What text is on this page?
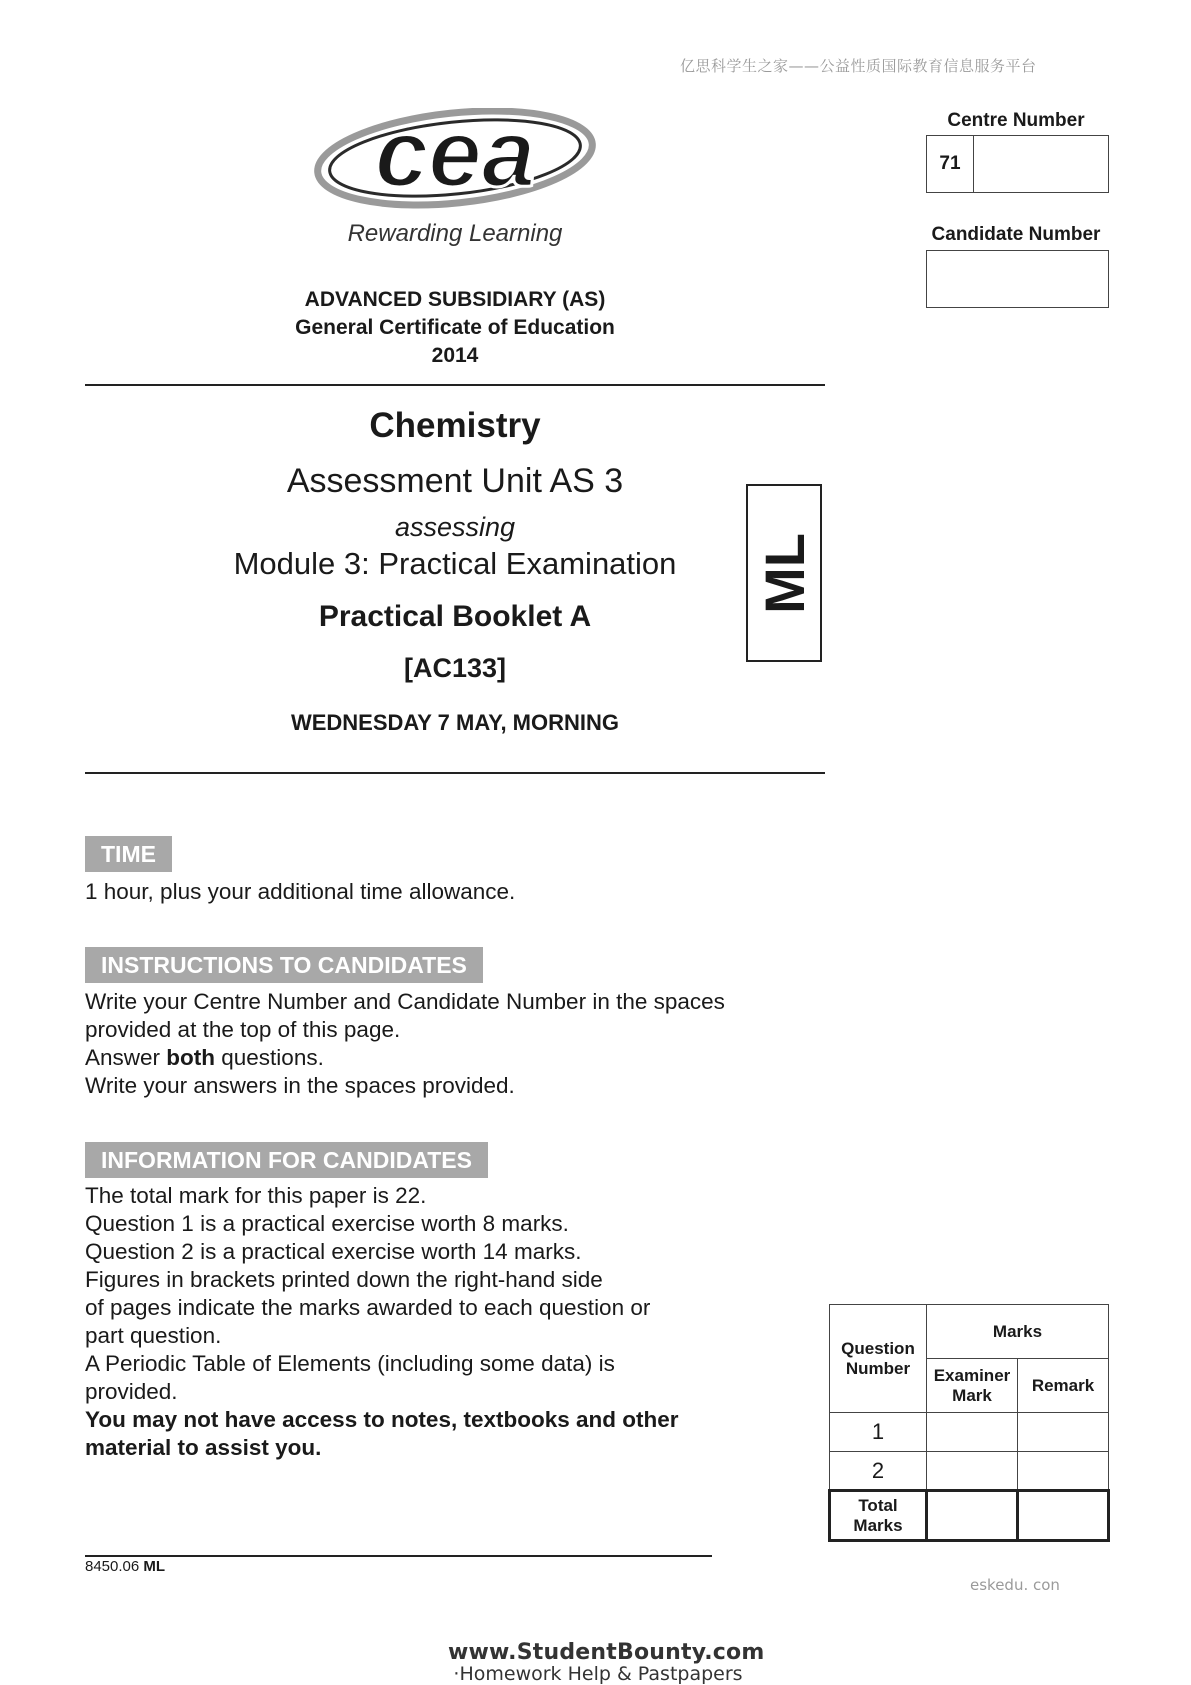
亿思科学生之家——公益性质国际教育信息服务平台
cea
Rewarding Learning
ADVANCED SUBSIDIARY (AS)
General Certificate of Education
2014
Chemistry
Assessment Unit AS 3
assessing
Module 3: Practical Examination
Practical Booklet A
[AC133]
WEDNESDAY 7 MAY, MORNING
ML
Centre Number
71
Candidate Number
TIME
1 hour, plus your additional time allowance.
INSTRUCTIONS TO CANDIDATES

Write your Centre Number and Candidate Number in the spaces

provided at the top of this page.

Answer both questions.

Write your answers in the spaces provided.

INFORMATION FOR CANDIDATES

The total mark for this paper is 22.

Question 1 is a practical exercise worth 8 marks.

Question 2 is a practical exercise worth 14 marks.

Figures in brackets printed down the right-hand side

of pages indicate the marks awarded to each question or

part question.

A Periodic Table of Elements (including some data) is

provided.

You may not have access to notes, textbooks and other

material to assist you.

Question Number	Marks	
	Examiner Mark	Remark
1		
2		
Total Marks		
8450.06 ML
eskedu. con
www.StudentBounty.com
·Homework Help & Pastpapers
